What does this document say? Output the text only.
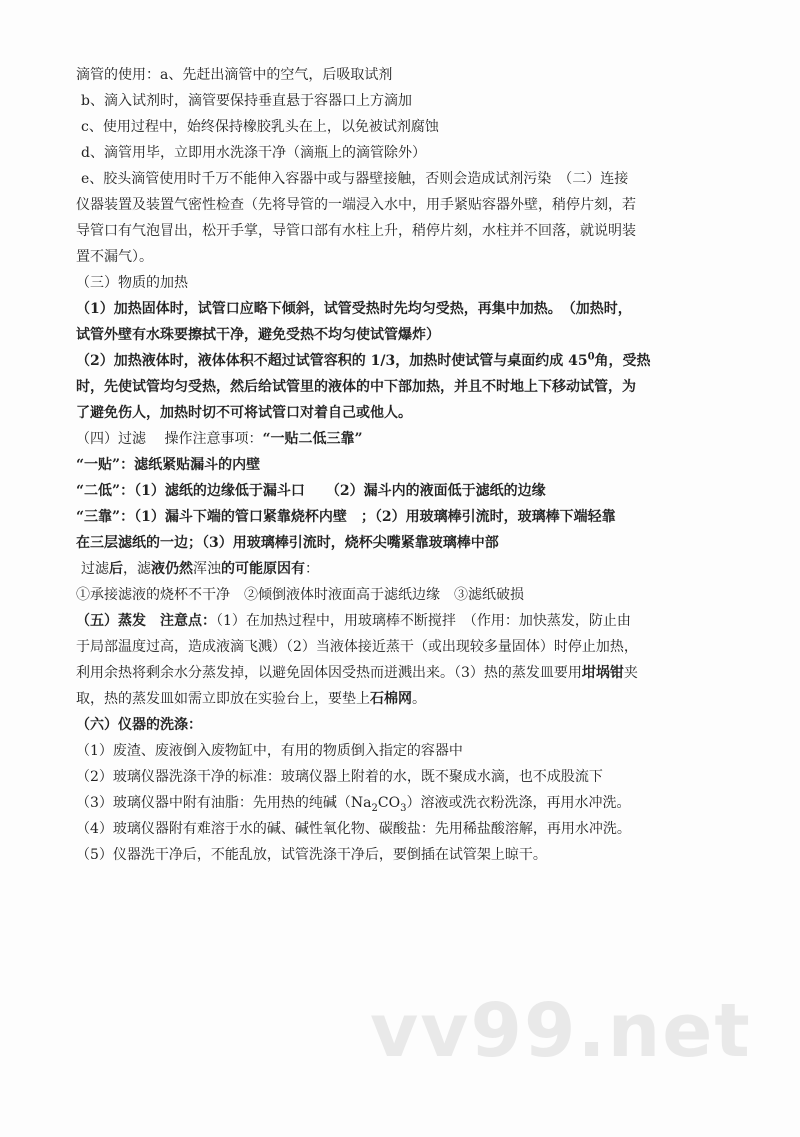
滴管的使用：a、先赶出滴管中的空气，后吸取试剂
b、滴入试剂时，滴管要保持垂直悬于容器口上方滴加
c、使用过程中，始终保持橡胶乳头在上，以免被试剂腐蚀
d、滴管用毕，立即用水洗涤干净（滴瓶上的滴管除外）
e、胶头滴管使用时千万不能伸入容器中或与器壁接触，否则会造成试剂污染　（二）连接
仪器装置及装置气密性检查（先将导管的一端浸入水中，用手紧贴容器外壁，稍停片刻，若
导管口有气泡冒出，松开手掌，导管口部有水柱上升，稍停片刻，水柱并不回落，就说明装
置不漏气）。
（三）物质的加热
（1）加热固体时，试管口应略下倾斜，试管受热时先均匀受热，再集中加热。　（加热时，
试管外壁有水珠要擦拭干净，避免受热不均匀使试管爆炸）
（2）加热液体时，液体体积不超过试管容积的 1/3，加热时使试管与桌面约成 $45^0$角，受热
时，先使试管均匀受热，然后给试管里的液体的中下部加热，并且不时地上下移动试管，为
了避免伤人，加热时切不可将试管口对着自己或他人。
（四）过滤　 操作注意事项：“一贴二低三靠”
“一贴”：滤纸紧贴漏斗的内壁
“二低”：（1）滤纸的边缘低于漏斗口　　（2）漏斗内的液面低于滤纸的边缘
“三靠”：（1）漏斗下端的管口紧靠烧杯内壁　；（2）用玻璃棒引流时，玻璃棒下端轻靠
在三层滤纸的一边；（3）用玻璃棒引流时，烧杯尖嘴紧靠玻璃棒中部
过滤后，滤液仍然浑浊的可能原因有：
①承接滤液的烧杯不干净　②倾倒液体时液面高于滤纸边缘　③滤纸破损
（五）蒸发　注意点：（1）在加热过程中，用玻璃棒不断搅拌　（作用：加快蒸发，防止由
于局部温度过高，造成液滴飞溅）（2）当液体接近蒸干（或出现较多量固体）时停止加热，
利用余热将剩余水分蒸发掉，以避免固体因受热而迸溅出来。（3）热的蒸发皿要用坩埚钳夹
取，热的蒸发皿如需立即放在实验台上，要垫上石棉网。
（六）仪器的洗涤：
（1）废渣、废液倒入废物缸中，有用的物质倒入指定的容器中
（2）玻璃仪器洗涤干净的标准：玻璃仪器上附着的水，既不聚成水滴，也不成股流下
（3）玻璃仪器中附有油脂：先用热的纯碱$(Na_2CO_3)$溶液或洗衣粉洗涤，再用水冲洗。
（4）玻璃仪器附有难溶于水的碱、碱性氧化物、碳酸盐：先用稀盐酸溶解，再用水冲洗。
（5）仪器洗干净后，不能乱放，试管洗涤干净后，要倒插在试管架上晾干。
vv99.net
